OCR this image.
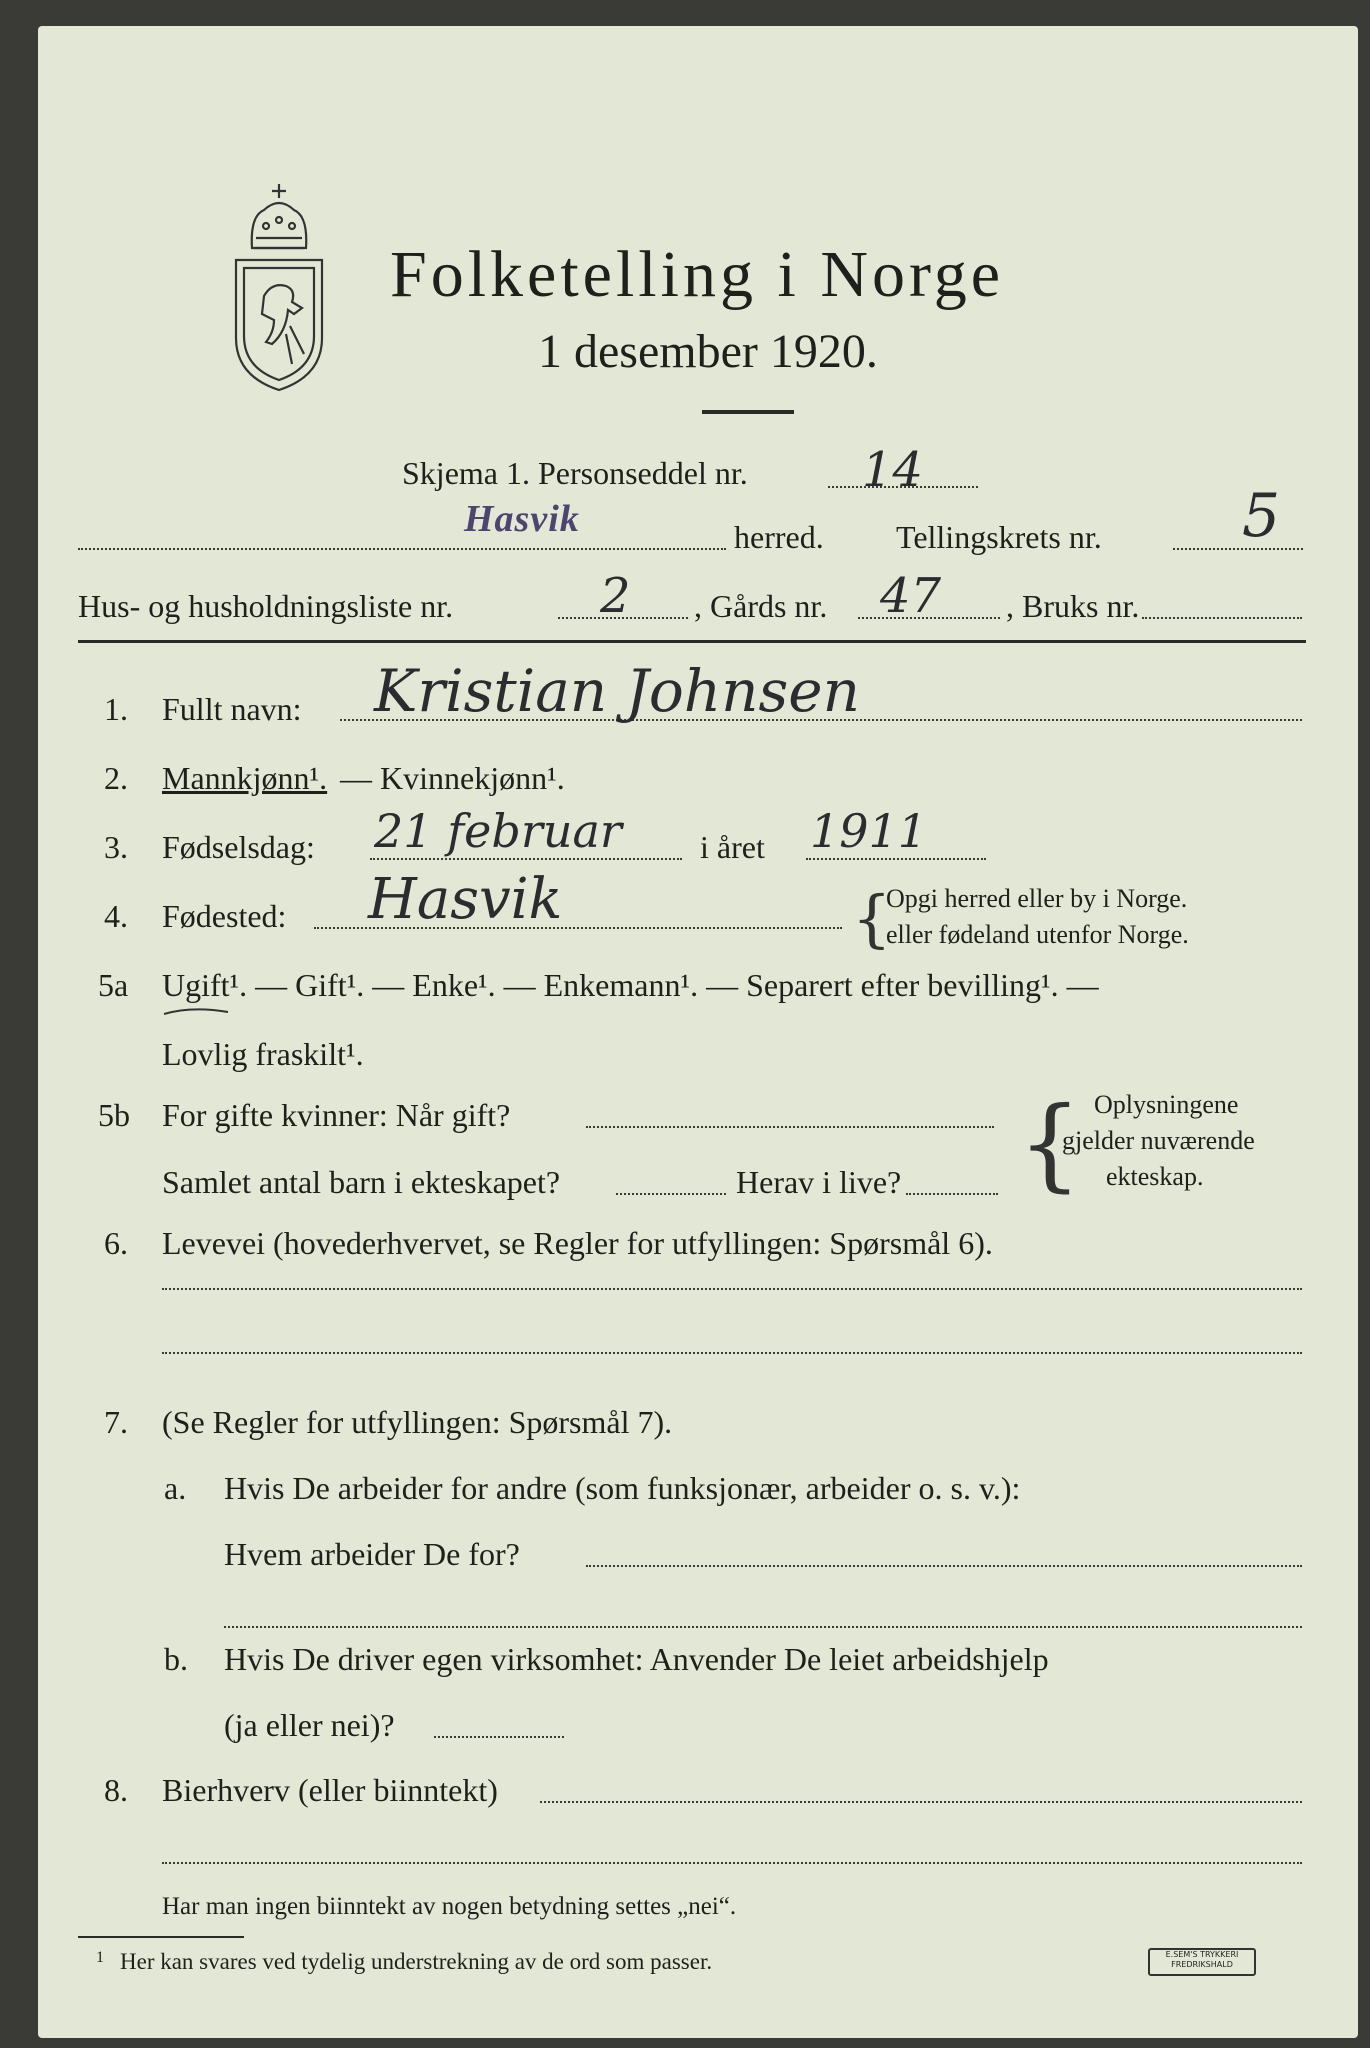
Folketelling i Norge
1 desember 1920.
Skjema 1. Personseddel nr. 14
Hasvik	herred. Tellingskrets nr. 5
Hus- og husholdningsliste nr.	2 , Gårds nr. 47 , Bruks nr.
1. Fullt navn: Kristian Johnsen
2. Mannkjønn¹. — Kvinnekjønn¹.
3. Fødselsdag: 21 februar i året 1911
4. Fødested: Hasvik	{
Opgi herred eller by i Norge.
eller fødeland utenfor Norge.
5a Ugift¹. — Gift¹. — Enke¹. — Enkemann¹. — Separert efter bevilling¹. —
Lovlig fraskilt¹.
5b For gifte kvinner: Når gift?
Samlet antal barn i ekteskapet?	Herav i live? { Oplysningene
gjelder nuværende
ekteskap.
6. Levevei (hovederhvervet, se Regler for utfyllingen: Spørsmål 6).
7. (Se Regler for utfyllingen: Spørsmål 7).
a. Hvis De arbeider for andre (som funksjonær, arbeider o. s. v.):
Hvem arbeider De for?
b. Hvis De driver egen virksomhet: Anvender De leiet arbeidshjelp
(ja eller nei)?
8. Bierhverv (eller biinntekt)
Har man ingen biinntekt av nogen betydning settes „nei“.
1 Her kan svares ved tydelig understrekning av de ord som passer.	E.SEM'S TRYKKERI FREDRIKSHALD
